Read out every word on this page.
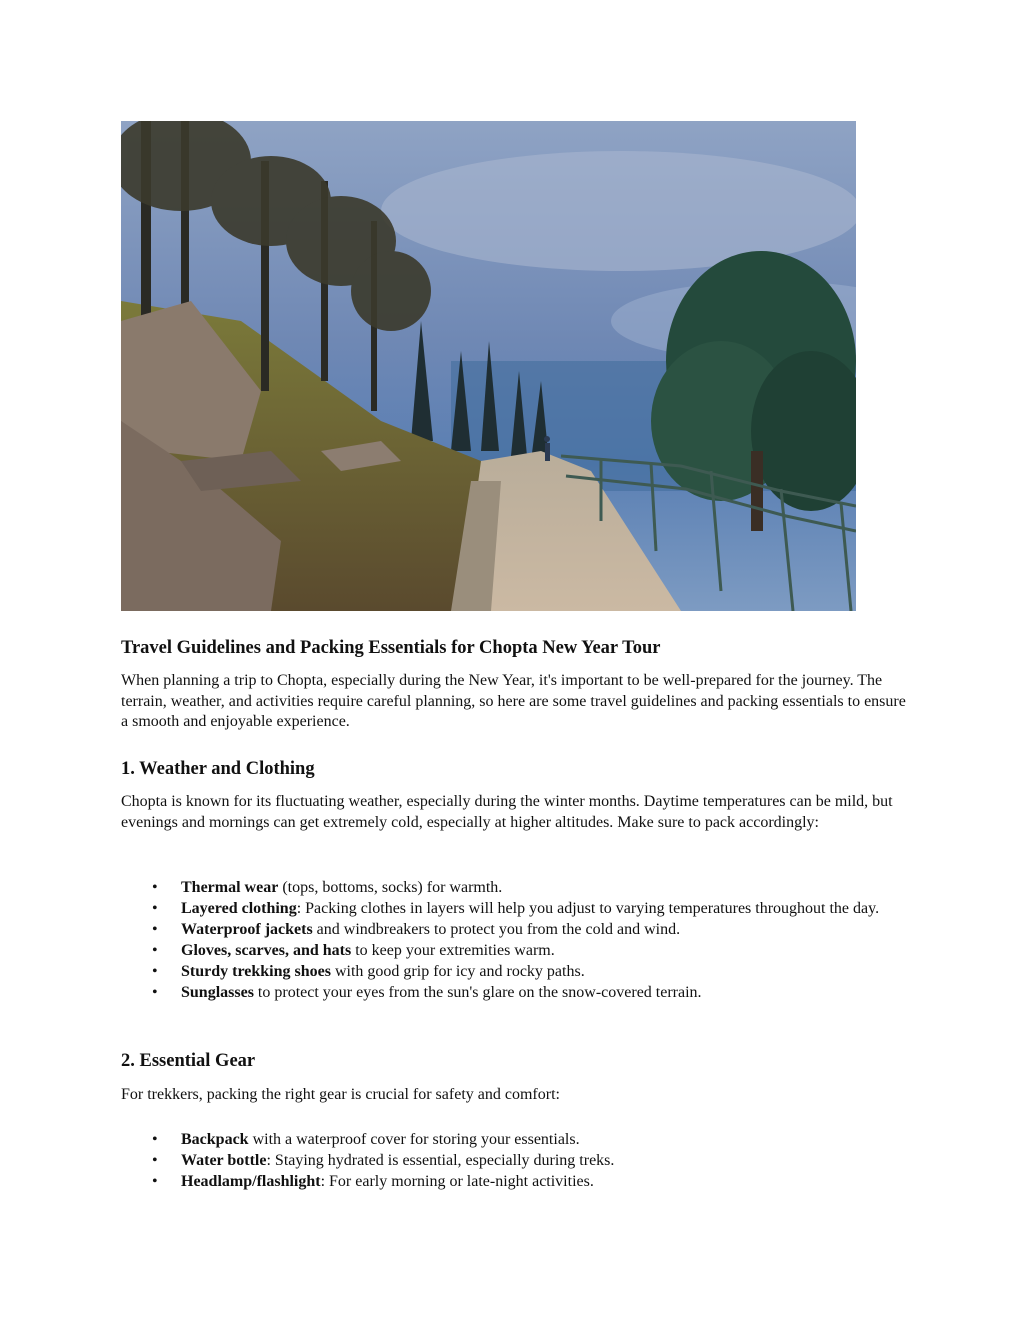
Travel Guidelines and Packing Essentials for Chopta New Year Tour

When planning a trip to Chopta, especially during the New Year, it's important to be well-prepared for the journey. The terrain, weather, and activities require careful planning, so here are some travel guidelines and packing essentials to ensure a smooth and enjoyable experience.

1. Weather and Clothing

Chopta is known for its fluctuating weather, especially during the winter months. Daytime temperatures can be mild, but evenings and mornings can get extremely cold, especially at higher altitudes. Make sure to pack accordingly:

• Thermal wear (tops, bottoms, socks) for warmth.
• Layered clothing: Packing clothes in layers will help you adjust to varying temperatures throughout the day.
• Waterproof jackets and windbreakers to protect you from the cold and wind.
• Gloves, scarves, and hats to keep your extremities warm.
• Sturdy trekking shoes with good grip for icy and rocky paths.
• Sunglasses to protect your eyes from the sun's glare on the snow-covered terrain.
2. Essential Gear

For trekkers, packing the right gear is crucial for safety and comfort:

• Backpack with a waterproof cover for storing your essentials.
• Water bottle: Staying hydrated is essential, especially during treks.
• Headlamp/flashlight: For early morning or late-night activities.
